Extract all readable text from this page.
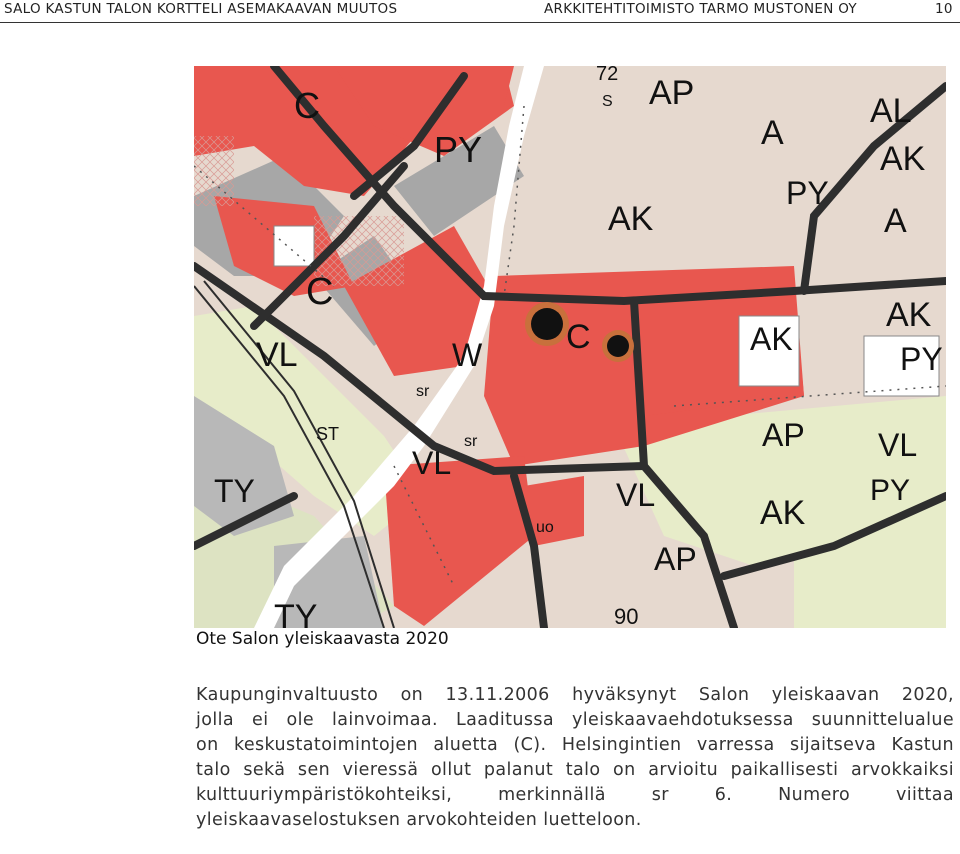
SALO KASTUN TALON KORTTELI ASEMAKAAVAN MUUTOS	ARKKITEHTITOIMISTO TARMO MUSTONEN OY	10
C
PY
AP
S
A
AL
AK
PY
AK	A
C
VL	W C	AK
AK
PY
AP VL
ST
sr
sr
VL
TY	VL	AK
PY
AP
TY	90
72
uo
Ote Salon yleiskaavasta 2020
Kaupunginvaltuusto on 13.11.2006 hyväksynyt Salon yleiskaavan 2020,
jolla ei ole lainvoimaa. Laaditussa yleiskaavaehdotuksessa suunnittelualue
on keskustatoimintojen aluetta (C). Helsingintien varressa sijaitseva Kastun
talo sekä sen vieressä ollut palanut talo on arvioitu paikallisesti arvokkaiksi
kulttuuriympäristökohteiksi, merkinnällä sr 6. Numero viittaa
yleiskaavaselostuksen arvokohteiden luetteloon.
